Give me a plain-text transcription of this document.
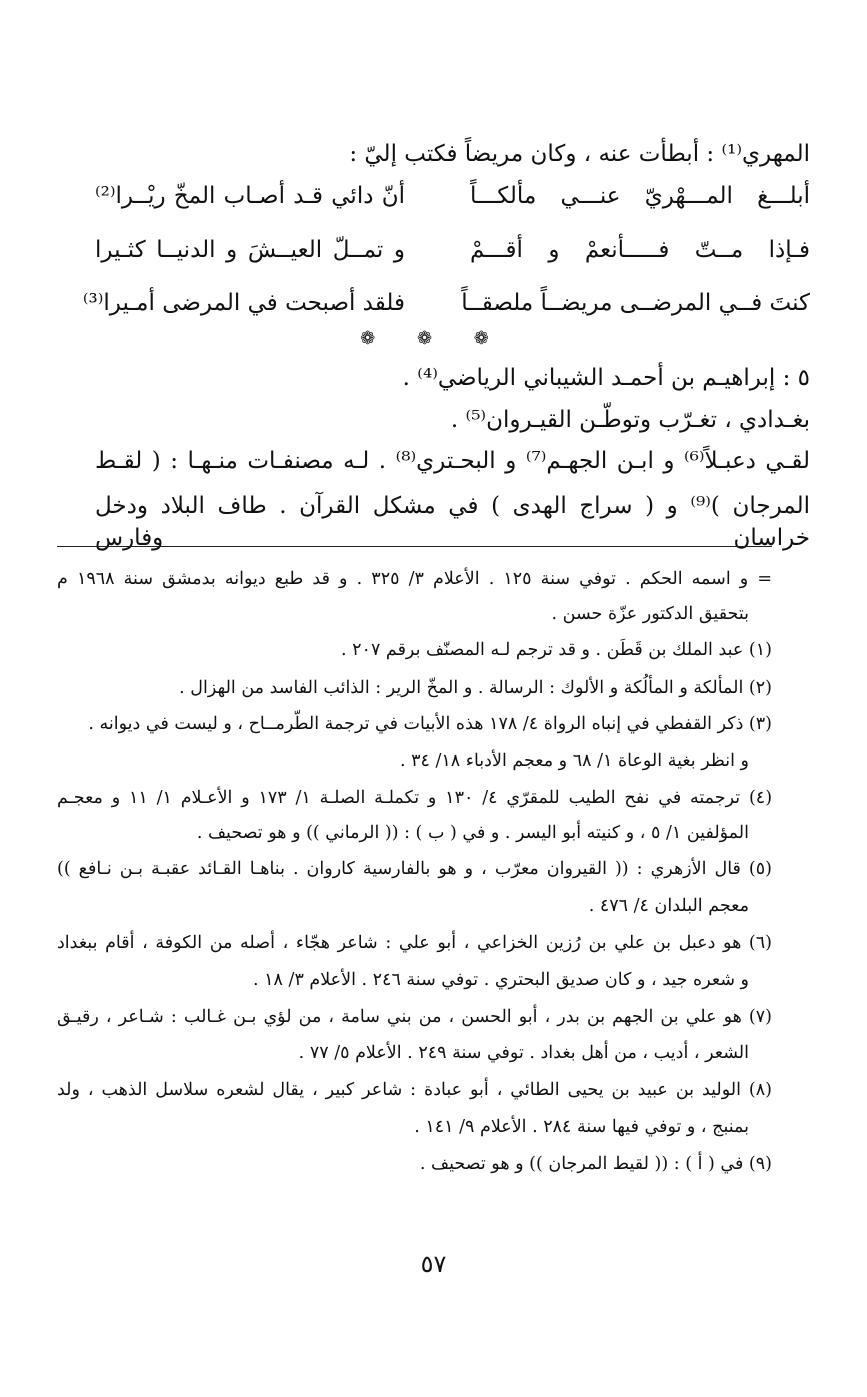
المهري⁽¹⁾ : أبطأت عنه ، وكان مريضاً فكتب إليّ :
أبلـــغ المـــهْريّ عنـــي مألكـــاً
أنّ دائي قـد أصـاب المخّ ريْــرا⁽²⁾
فـإذا مــتّ فـــــأنعمْ و أقـــمْ
و تمــلّ العيــشَ و الدنيــا كثـيرا
كنتَ فــي المرضــى مريضــاً ملصقــاً
فلقد أصبحت في المرضى أمـيرا⁽³⁾
❁ ❁ ❁
٥ : إبراهيـم بن أحمـد الشيباني الرياضي⁽⁴⁾ .
بغـدادي ، تغـرّب وتوطّـن القيـروان⁽⁵⁾ .
لقـي دعبـلاً⁽⁶⁾ و ابـن الجهـم⁽⁷⁾ و البحـتري⁽⁸⁾ . لـه مصنفـات منـهـا : ( لقـط
المرجان )⁽⁹⁾ و ( سراج الهدى ) في مشكل القرآن . طاف البلاد ودخل خراسان وفارس
= و اسمه الحكم . توفي سنة ١٢٥ . الأعلام ٣/ ٣٢٥ . و قد طبع ديوانه بدمشق سنة ١٩٦٨ م
بتحقيق الدكتور عزّة حسن .
(١) عبد الملك بن قَطَن . و قد ترجم لـه المصنّف برقم ٢٠٧ .
(٢) المألكة و المألُكة و الألوك : الرسالة . و المخّ الرير : الذائب الفاسد من الهزال .
(٣) ذكر القفطي في إنباه الرواة ٤/ ١٧٨ هذه الأبيات في ترجمة الطّرمــاح ، و ليست في ديوانه .
و انظر بغية الوعاة ١/ ٦٨ و معجم الأدباء ١٨/ ٣٤ .
(٤) ترجمته في نفح الطيب للمقرّي ٤/ ١٣٠ و تكملـة الصلـة ١/ ١٧٣ و الأعـلام ١/ ١١ و معجـم
المؤلفين ١/ ٥ ، و كنيته أبو اليسر . و في ( ب ) : (( الرماني )) و هو تصحيف .
(٥) قال الأزهري : (( القيروان معرّب ، و هو بالفارسية كاروان . بناهـا القـائد عقبـة بـن نـافع ))
معجم البلدان ٤/ ٤٧٦ .
(٦) هو دعبل بن علي بن رُزين الخزاعي ، أبو علي : شاعر هجّاء ، أصله من الكوفة ، أقام ببغداد
و شعره جيد ، و كان صديق البحتري . توفي سنة ٢٤٦ . الأعلام ٣/ ١٨ .
(٧) هو علي بن الجهم بن بدر ، أبو الحسن ، من بني سامة ، من لؤي بـن غـالب : شـاعر ، رقيـق
الشعر ، أديب ، من أهل بغداد . توفي سنة ٢٤٩ . الأعلام ٥/ ٧٧ .
(٨) الوليد بن عبيد بن يحيى الطائي ، أبو عبادة : شاعر كبير ، يقال لشعره سلاسل الذهب ، ولد
بمنبج ، و توفي فيها سنة ٢٨٤ . الأعلام ٩/ ١٤١ .
(٩) في ( أ ) : (( لقيط المرجان )) و هو تصحيف .
٥٧
